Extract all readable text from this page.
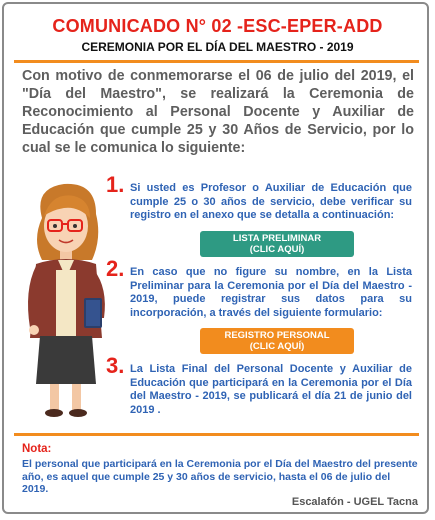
COMUNICADO N° 02 -ESC-EPER-ADD
CEREMONIA POR EL DÍA DEL MAESTRO - 2019
Con motivo de conmemorarse el 06 de julio del 2019, el "Día del Maestro", se realizará la Ceremonia de Reconocimiento al Personal Docente y Auxiliar de Educación que cumple 25 y 30 Años de Servicio, por lo cual se le comunica lo siguiente:
1. Si usted es Profesor o Auxiliar de Educación que cumple 25 o 30 años de servicio, debe verificar su registro en el anexo que se detalla a continuación:
LISTA PRELIMINAR
(CLIC AQUÍ)
2. En caso que no figure su nombre, en la Lista Preliminar para la Ceremonia por el Día del Maestro - 2019, puede registrar sus datos para su incorporación, a través del siguiente formulario:
REGISTRO PERSONAL
(CLIC AQUÍ)
3. La Lista Final del Personal Docente y Auxiliar de Educación que participará en la Ceremonia por el Día del Maestro - 2019, se publicará el día 21 de junio del 2019 .
Nota:
El personal que participará en la Ceremonia por el Día del Maestro del presente año, es aquel que cumple 25 y 30 años de servicio, hasta el 06 de julio del 2019.
Escalafón - UGEL Tacna
